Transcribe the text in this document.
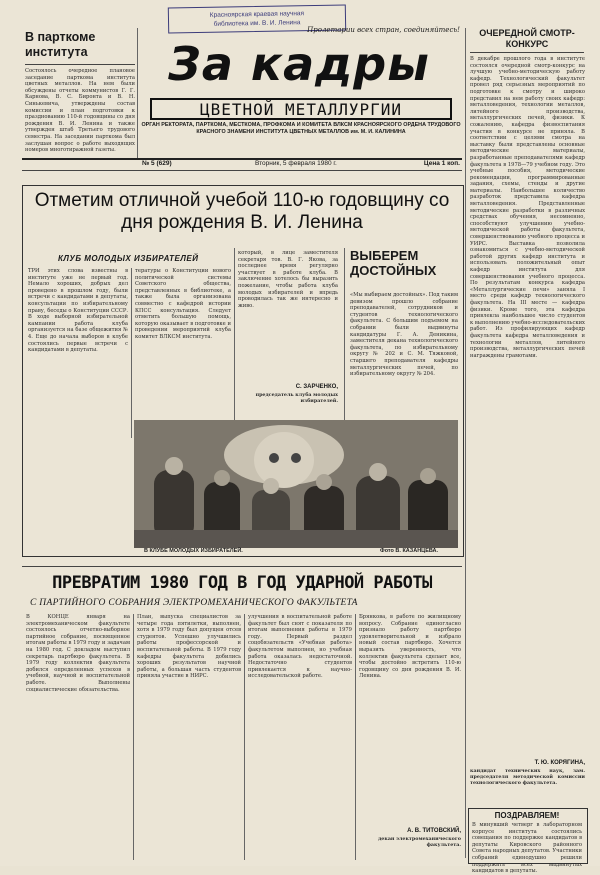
Красноярская краевая научная
библиотека им. В. И. Ленина
Пролетарии всех стран, соединяйтесь!
В парткоме института
Состоялось очередное плановое заседание парткома института цветных металлов. На нем были обсуждены отчеты коммунистов Г. Г. Карнова, В. С. Биронта и В. Н. Синькевича, утверждены состав комиссии и план подготовки к празднованию 110-й годовщины со дня рождения В. И. Ленина и также утвержден штаб Третьего трудового семестра. На заседании парткома был заслушан вопрос о работе выходящих номеров многотиражной газеты.
За кадры
ЦВЕТНОЙ МЕТАЛЛУРГИИ
ОРГАН РЕКТОРАТА, ПАРТКОМА, МЕСТКОМА, ПРОФКОМА И КОМИТЕТА ВЛКСМ КРАСНОЯРСКОГО ОРДЕНА ТРУДОВОГО КРАСНОГО ЗНАМЕНИ ИНСТИТУТА ЦВЕТНЫХ МЕТАЛЛОВ им. М. И. КАЛИНИНА
ОЧЕРЕДНОЙ СМОТР-КОНКУРС
В декабре прошлого года в институте состоялся очередной смотр-конкурс на лучшую учебно-методическую работу кафедр. Технологический факультет провел ряд серьезных мероприятий по подготовке к смотру и широко представил на нем работу своих кафедр: металловедения, технологии металлов, литейного производства, металлургических печей, физики. К сожалению, кафедра физвоспитания участия в конкурсе не приняла. В соответствии с целями смотра на выставку были представлены основные методические материалы, разработанные преподавателями кафедр факультета в 1978—79 учебном году. Это учебные пособия, методические рекомендации, программированные задания, схемы, стенды и другие материалы. Наибольшее количество разработок представила кафедра металловедения. Представленные методические разработки в различных средствах обучения, несомненно, способствуют улучшению учебно-методической работы факультета, совершенствованию учебного процесса и УИРС. Выставка позволила ознакомиться с учебно-методической работой других кафедр института и использовать положительный опыт кафедр института для совершенствования учебного процесса. По результатам конкурса кафедра «Металлургические печи» заняла I место среди кафедр технологического факультета. На III месте — кафедра физики. Кроме того, эта кафедра привлекла наибольшее число студентов к выполнению учебно-исследовательских работ. Из профилирующих кафедр факультета кафедра металловедения и технологии металлов, литейного производства, металлургических печей награждены грамотами.
Т. Ю. КОРЯГИНА,
кандидат технических наук, зам. председателя методической комиссии технологического факультета.
№ 5 (629)	Вторник, 5 февраля 1980 г.	Цена 1 коп.
Отметим отличной учебой 110-ю годовщину со дня рождения В. И. Ленина
КЛУБ МОЛОДЫХ ИЗБИРАТЕЛЕЙ
ТРИ этих слова известны в институте уже не первый год. Немало хороших, добрых дел проведено в прошлом году, были встречи с кандидатами в депутаты, консультации по избирательному праву, беседы о Конституции СССР. В ходе выборной избирательной кампании работа клуба организуется на базе общежития № 4. Еще до начала выборов в клубе состоялись первые встречи с кандидатами в депутаты.
тературы о Конституции нового политической системы Советского общества, представленных в библиотеке, а также была организована совместно с кафедрой истории КПСС консультация. Следует отметить большую помощь, которую оказывает в подготовке и проведении мероприятий клуба комитет ВЛКСМ института.
который, в лице заместителя секретаря тов. В. Г. Якова, за последнее время регулярно участвует в работе клуба. В заключение хотелось бы выразить пожелание, чтобы работа клуба молодых избирателей и впредь проводилась так же интересно и живо.
С. ЗАРЧЕНКО,
председатель клуба молодых избирателей.
ВЫБЕРЕМ ДОСТОЙНЫХ
«Мы выбираем достойных». Под таким девизом прошло собрание преподавателей, сотрудников и студентов технологического факультета. С большим подъемом на собрании были выдвинуты кандидатуры Г. А. Деникина, заместителя декана технологического факультета, по избирательному округу № 202 и С. М. Тяжковой, старшего преподавателя кафедры металлургических печей, по избирательному округу № 204.
В КЛУБЕ МОЛОДЫХ ИЗБИРАТЕЛЕЙ.	Фото В. КАЗАНЦЕВА.
ПРЕВРАТИМ 1980 ГОД В ГОД УДАРНОЙ РАБОТЫ
С ПАРТИЙНОГО СОБРАНИЯ ЭЛЕКТРОМЕХАНИЧЕСКОГО ФАКУЛЬТЕТА
В КОНЦЕ января на электромеханическом факультете состоялось отчетно-выборное партийное собрание, посвященное итогам работы в 1979 году и задачам на 1980 год. С докладом выступил секретарь партбюро факультета. В 1979 году коллектив факультета добился определенных успехов в учебной, научной и воспитательной работе. Выполнены социалистические обязательства.
План, выпуска специалистов за четыре года пятилетки, выполнен, хотя в 1979 году был допущен отсев студентов. Успешно улучшились работы профессорской и воспитательной работы. В 1979 году кафедры факультета добились хороших результатов научной работы, а большая часть студентов приняла участие в НИРС.
улучшения в воспитательной работе факультет был снят с показателя по итогам выполнения работы в 1979 году. Первый раздел соцобязательств «Учебная работа» факультетом выполнен, но учебная работа оказалась недостаточной. Недостаточно студентов привлекается к научно-исследовательской работе.
Брянкова, в работе по жилищному вопросу. Собрание единогласно признало работу партбюро удовлетворительной и избрало новый состав партбюро. Хочется выразить уверенность, что коллектив факультета сделает все, чтобы достойно встретить 110-ю годовщину со дня рождения В. И. Ленина.
А. В. ТИТОВСКИЙ,
декан электромеханического факультета.
ПОЗДРАВЛЯЕМ!
В минувший четверг в лабораторном корпусе института состоялись совещания по поддержке кандидатов в депутаты Кировского районного Совета народных депутатов. Участники собраний единодушно решили поддержать всех выдвинутых кандидатов в депутаты.
